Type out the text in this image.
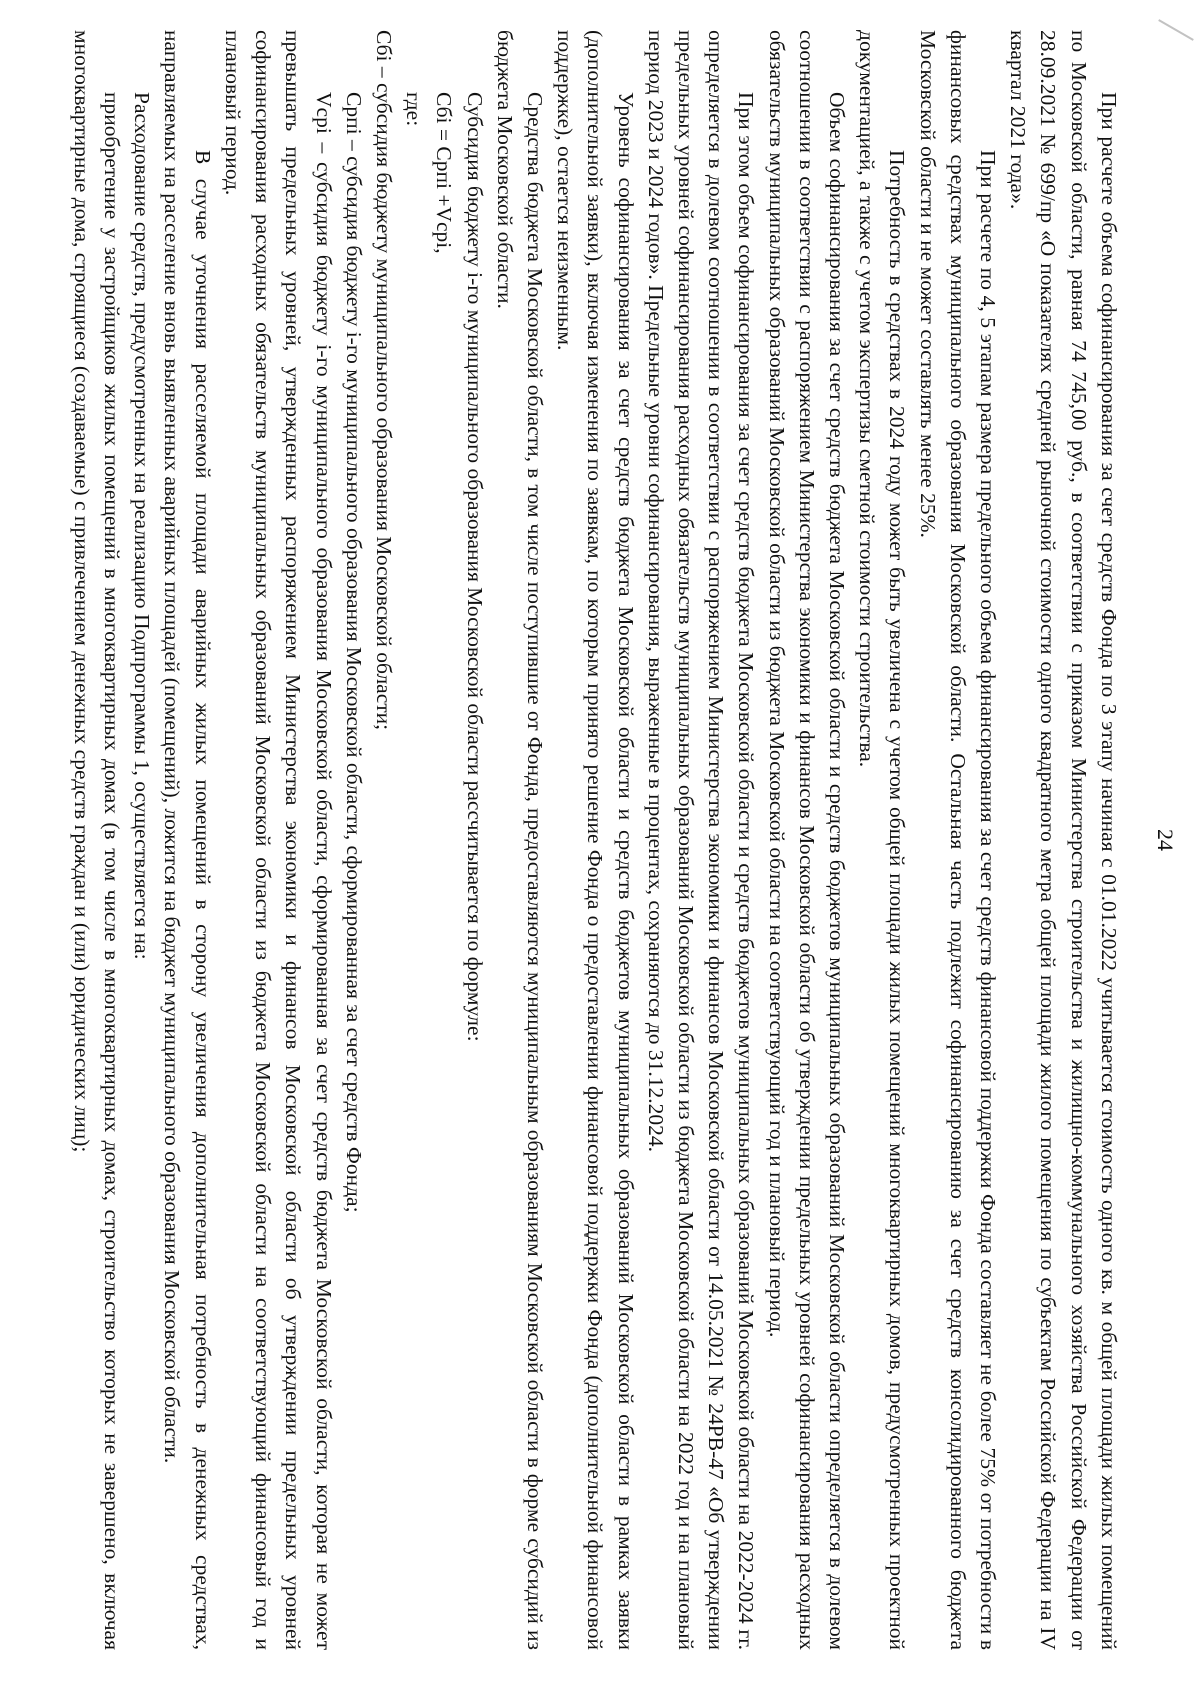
24

При расчете объема софинансирования за счет средств Фонда по 3 этапу начиная с 01.01.2022 учитывается стоимость одного кв. м общей площади жилых помещений по Московской области, равная 74 745,00 руб., в соответствии с приказом Министерства строительства и жилищно-коммунального хозяйства Российской Федерации от 28.09.2021 № 699/пр «О показателях средней рыночной стоимости одного квадратного метра общей площади жилого помещения по субъектам Российской Федерации на IV квартал 2021 года».

При расчете по 4, 5 этапам размера предельного объема финансирования за счет средств финансовой поддержки Фонда составляет не более 75% от потребности в финансовых средствах муниципального образования Московской области. Остальная часть подлежит софинансированию за счет средств консолидированного бюджета Московской области и не может составлять менее 25%.

Потребность в средствах в 2024 году может быть увеличена с учетом общей площади жилых помещений многоквартирных домов, предусмотренных проектной документацией, а также с учетом экспертизы сметной стоимости строительства.

Объем софинансирования за счет средств бюджета Московской области и средств бюджетов муниципальных образований Московской области определяется в долевом соотношении в соответствии с распоряжением Министерства экономики и финансов Московской области об утверждении предельных уровней софинансирования расходных обязательств муниципальных образований Московской области из бюджета Московской области на соответствующий год и плановый период.

При этом объем софинансирования за счет средств бюджета Московской области и средств бюджетов муниципальных образований Московской области на 2022-2024 гг. определяется в долевом соотношении в соответствии с распоряжением Министерства экономики и финансов Московской области от 14.05.2021 № 24РВ-47 «Об утверждении предельных уровней софинансирования расходных обязательств муниципальных образований Московской области из бюджета Московской области на 2022 год и на плановый период 2023 и 2024 годов». Предельные уровни софинансирования, выраженные в процентах, сохраняются до 31.12.2024.

Уровень софинансирования за счет средств бюджета Московской области и средств бюджетов муниципальных образований Московской области в рамках заявки (дополнительной заявки), включая изменения по заявкам, по которым принято решение Фонда о предоставлении финансовой поддержки Фонда (дополнительной финансовой поддержке), остается неизменным.

Средства бюджета Московской области, в том числе поступившие от Фонда, предоставляются муниципальным образованиям Московской области в форме субсидий из бюджета Московской области.

Субсидия бюджету i-го муниципального образования Московской области рассчитывается по формуле:

Сбi = Српi +Vсрi,

где:

Сбi – субсидия бюджету муниципального образования Московской области;

Српi – субсидия бюджету i-го муниципального образования Московской области, сформированная за счет средств Фонда;

Vсрi – субсидия бюджету i-го муниципального образования Московской области, сформированная за счет средств бюджета Московской области, которая не может превышать предельных уровней, утвержденных распоряжением Министерства экономики и финансов Московской области об утверждении предельных уровней софинансирования расходных обязательств муниципальных образований Московской области из бюджета Московской области на соответствующий финансовый год и плановый период.

В случае уточнения расселяемой площади аварийных жилых помещений в сторону увеличения дополнительная потребность в денежных средствах, направляемых на расселение вновь выявленных аварийных площадей (помещений), ложится на бюджет муниципального образования Московской области.

Расходование средств, предусмотренных на реализацию Подпрограммы 1, осуществляется на:

приобретение у застройщиков жилых помещений в многоквартирных домах (в том числе в многоквартирных домах, строительство которых не завершено, включая многоквартирные дома, строящиеся (создаваемые) с привлечением денежных средств граждан и (или) юридических лиц);
